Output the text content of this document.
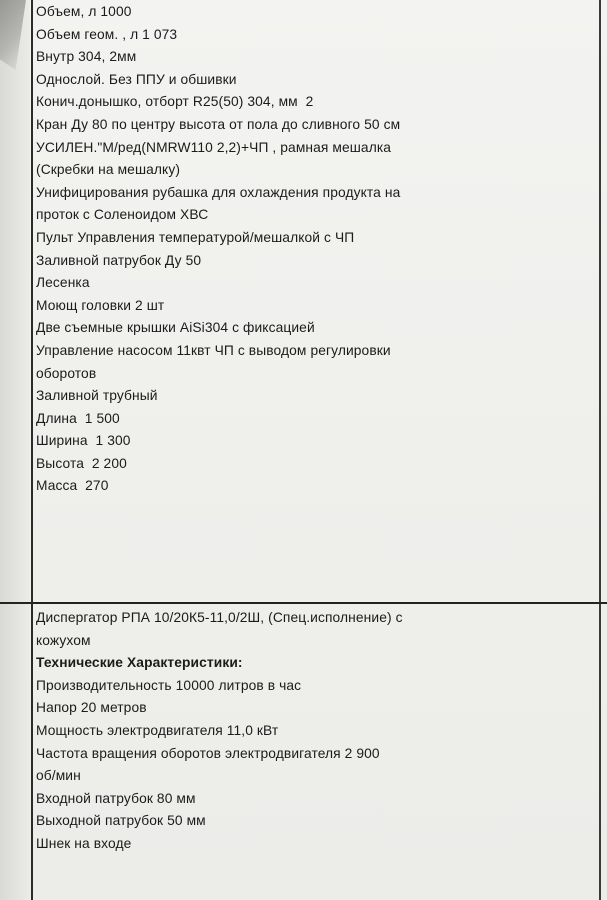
Объем, л 1000
Объем геом. , л 1 073
Внутр 304, 2мм
Однослой. Без ППУ и обшивки
Конич.донышко, отборт R25(50) 304, мм  2
Кран Ду 80 по центру высота от пола до сливного 50 см
УСИЛЕН."М/ред(NMRW110 2,2)+ЧП , рамная мешалка
(Скребки на мешалку)
Унифицирования рубашка для охлаждения продукта на
проток с Соленоидом ХВС
Пульт Управления температурой/мешалкой с ЧП
Заливной патрубок Ду 50
Лесенка
Моющ головки 2 шт
Две съемные крышки AiSi304 с фиксацией
Управление насосом 11квт ЧП с выводом регулировки
оборотов
Заливной трубный
Длина  1 500
Ширина  1 300
Высота  2 200
Масса  270
Диспергатор РПА 10/20К5-11,0/2Ш, (Спец.исполнение) с
кожухом
Технические Характеристики:
Производительность 10000 литров в час
Напор 20 метров
Мощность электродвигателя 11,0 кВт
Частота вращения оборотов электродвигателя 2 900
об/мин
Входной патрубок 80 мм
Выходной патрубок 50 мм
Шнек на входе
